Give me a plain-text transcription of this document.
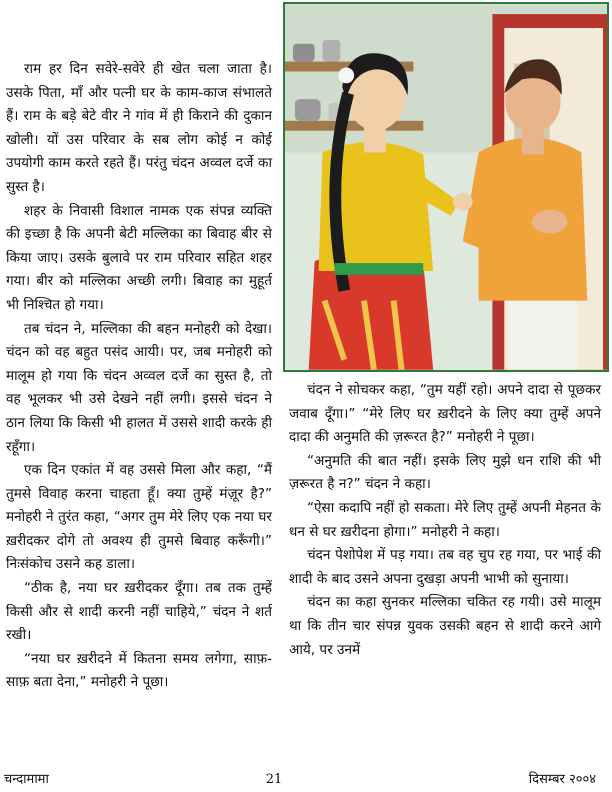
राम हर दिन सवेरे-सवेरे ही खेत चला जाता है। उसके पिता, माँ और पत्नी घर के काम-काज संभालते हैं। राम के बड़े बेटे वीर ने गांव में ही किराने की दुकान खोली। यों उस परिवार के सब लोग कोई न कोई उपयोगी काम करते रहते हैं। परंतु चंदन अव्वल दर्जे का सुस्त है।

शहर के निवासी विशाल नामक एक संपन्न व्यक्ति की इच्छा है कि अपनी बेटी मल्लिका का बिवाह बीर से किया जाए। उसके बुलावे पर राम परिवार सहित शहर गया। बीर को मल्लिका अच्छी लगी। बिवाह का मुहूर्त भी निश्चित हो गया।

तब चंदन ने, मल्लिका की बहन मनोहरी को देखा। चंदन को वह बहुत पसंद आयी। पर, जब मनोहरी को मालूम हो गया कि चंदन अव्वल दर्जे का सुस्त है, तो वह भूलकर भी उसे देखने नहीं लगी। इससे चंदन ने ठान लिया कि किसी भी हालत में उससे शादी करके ही रहूँगा।

एक दिन एकांत में वह उससे मिला और कहा, “मैं तुमसे विवाह करना चाहता हूँ। क्या तुम्हें मंज़ूर है?” मनोहरी ने तुरंत कहा, “अगर तुम मेरे लिए एक नया घर ख़रीदकर दोगे तो अवश्य ही तुमसे बिवाह करूँगी।” निःसंकोच उसने कह डाला।

“ठीक है, नया घर ख़रीदकर दूँगा। तब तक तुम्हें किसी और से शादी करनी नहीं चाहिये,” चंदन ने शर्त रखी।

“नया घर ख़रीदने में कितना समय लगेगा, साफ़-साफ़ बता देना,” मनोहरी ने पूछा।

चंदन ने सोचकर कहा, “तुम यहीं रहो। अपने दादा से पूछकर जवाब दूँगा।” “मेरे लिए घर ख़रीदने के लिए क्या तुम्हें अपने दादा की अनुमति की ज़रूरत है?” मनोहरी ने पूछा।

“अनुमति की बात नहीं। इसके लिए मुझे धन राशि की भी ज़रूरत है न?” चंदन ने कहा।

“ऐसा कदापि नहीं हो सकता। मेरे लिए तुम्हें अपनी मेहनत के धन से घर ख़रीदना होगा।” मनोहरी ने कहा।

चंदन पेशोपेश में पड़ गया। तब वह चुप रह गया, पर भाई की शादी के बाद उसने अपना दुखड़ा अपनी भाभी को सुनाया।

चंदन का कहा सुनकर मल्लिका चकित रह गयी। उसे मालूम था कि तीन चार संपन्न युवक उसकी बहन से शादी करने आगे आये, पर उनमें

चन्दामामा	21	दिसम्बर २००४
